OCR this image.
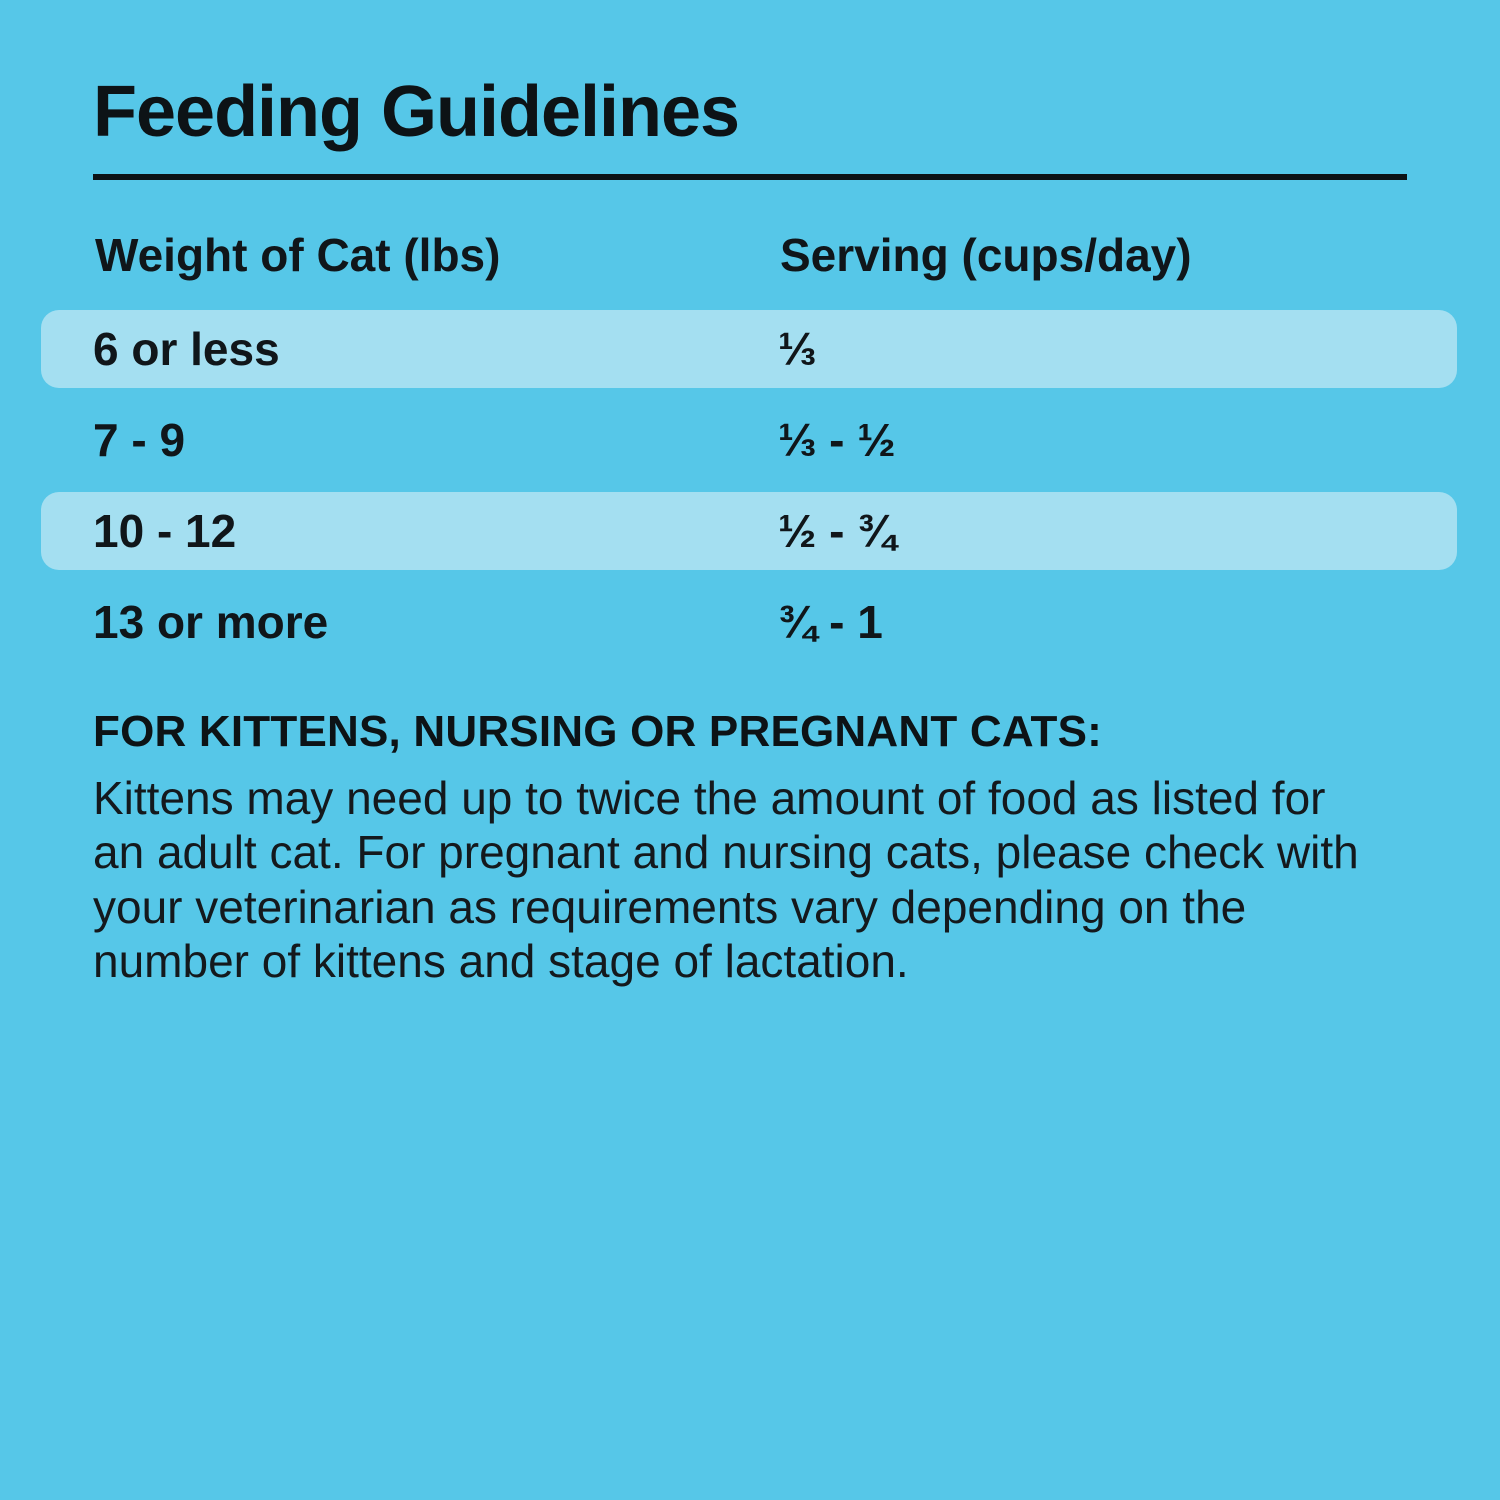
Feeding Guidelines
Weight of Cat (lbs)	Serving (cups/day)
6 or less	⅓
7 - 9	⅓ - ½
10 - 12	½ - ¾
13 or more	¾ - 1
FOR KITTENS, NURSING OR PREGNANT CATS:
Kittens may need up to twice the amount of food as listed for an adult cat. For pregnant and nursing cats, please check with your veterinarian as requirements vary depending on the number of kittens and stage of lactation.
